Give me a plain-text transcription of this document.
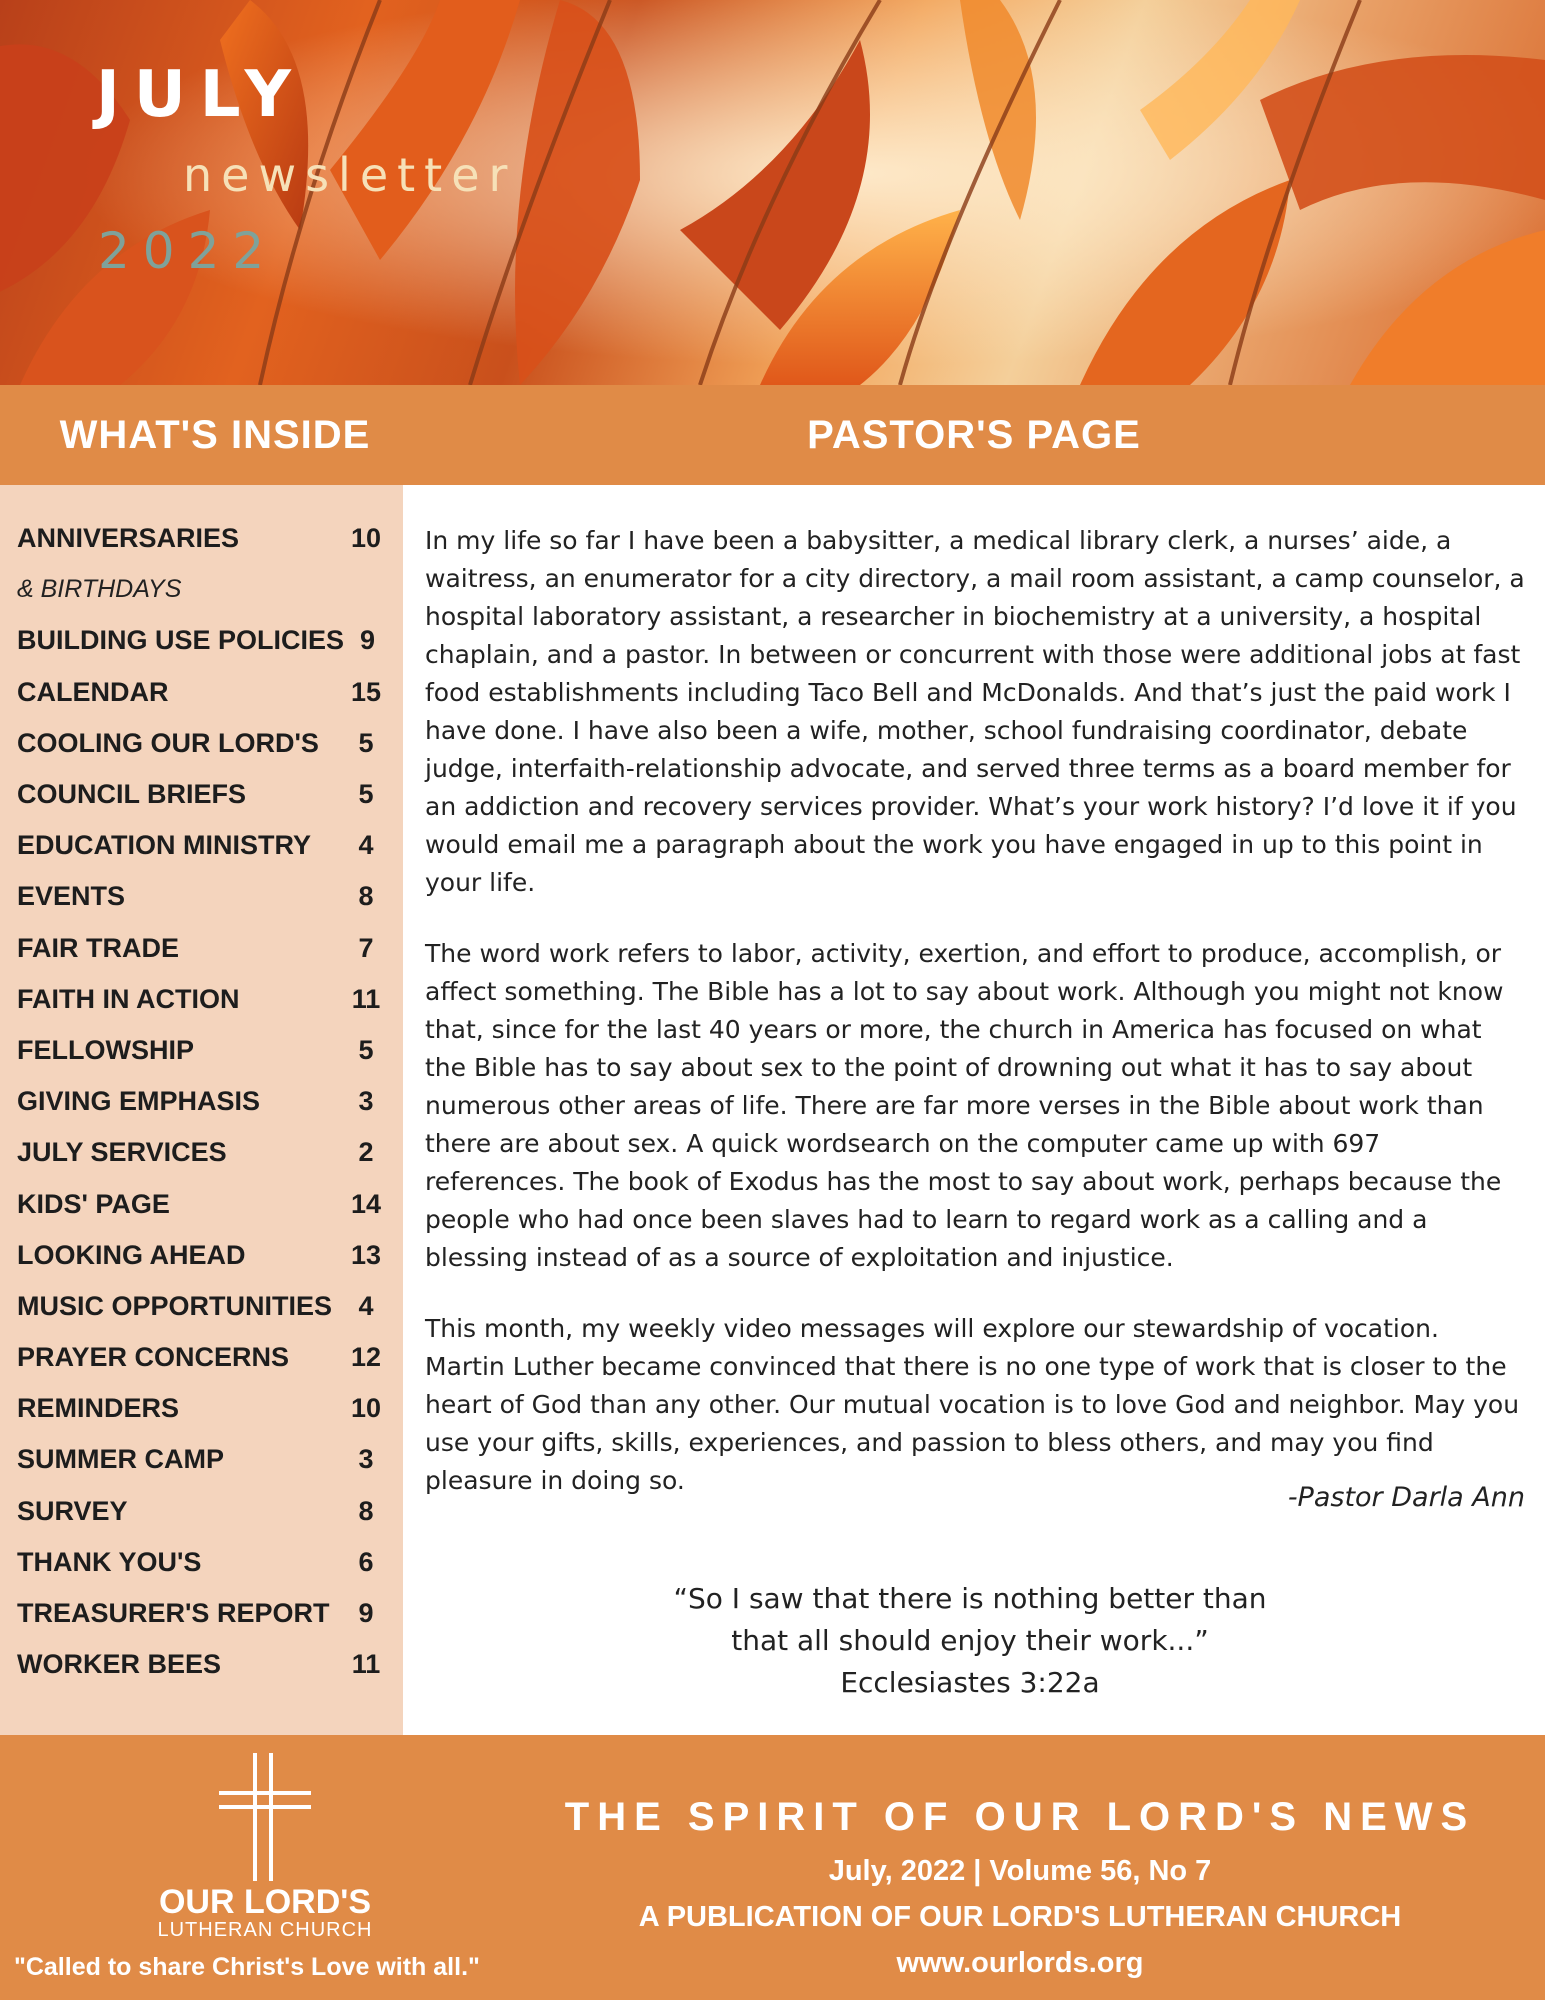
JULY
newsletter
2022
WHAT'S INSIDE	PASTOR'S PAGE
ANNIVERSARIES	10
& BIRTHDAYS
BUILDING USE POLICIES 9
CALENDAR	15
COOLING OUR LORD'S	5
COUNCIL BRIEFS	5
EDUCATION MINISTRY	4
EVENTS	8
FAIR TRADE	7
FAITH IN ACTION	11
FELLOWSHIP	5
GIVING EMPHASIS	3
JULY SERVICES	2
KIDS' PAGE	14
LOOKING AHEAD	13
MUSIC OPPORTUNITIES 4
PRAYER CONCERNS	12
REMINDERS	10
SUMMER CAMP	3
SURVEY	8
THANK YOU'S	6
TREASURER'S REPORT	9
WORKER BEES	11

In my life so far I have been a babysitter, a medical library clerk, a nurses’ aide, a waitress, an enumerator for a city directory, a mail room assistant, a camp counselor, a hospital laboratory assistant, a researcher in biochemistry at a university, a hospital chaplain, and a pastor. In between or concurrent with those were additional jobs at fast food establishments including Taco Bell and McDonalds. And that’s just the paid work I have done. I have also been a wife, mother, school fundraising coordinator, debate judge, interfaith-relationship advocate, and served three terms as a board member for an addiction and recovery services provider. What’s your work history? I’d love it if you would email me a paragraph about the work you have engaged in up to this point in your life.

The word work refers to labor, activity, exertion, and effort to produce, accomplish, or affect something. The Bible has a lot to say about work. Although you might not know that, since for the last 40 years or more, the church in America has focused on what the Bible has to say about sex to the point of drowning out what it has to say about numerous other areas of life. There are far more verses in the Bible about work than there are about sex. A quick wordsearch on the computer came up with 697 references. The book of Exodus has the most to say about work, perhaps because the people who had once been slaves had to learn to regard work as a calling and a blessing instead of as a source of exploitation and injustice.

This month, my weekly video messages will explore our stewardship of vocation. Martin Luther became convinced that there is no one type of work that is closer to the heart of God than any other. Our mutual vocation is to love God and neighbor. May you use your gifts, skills, experiences, and passion to bless others, and may you find pleasure in doing so.

-Pastor Darla Ann
“So I saw that there is nothing better than
that all should enjoy their work...”
Ecclesiastes 3:22a
OUR LORD'S
LUTHERAN CHURCH
"Called to share Christ's Love with all."
THE SPIRIT OF OUR LORD'S NEWS
July, 2022 | Volume 56, No 7
A PUBLICATION OF OUR LORD'S LUTHERAN CHURCH
www.ourlords.org
